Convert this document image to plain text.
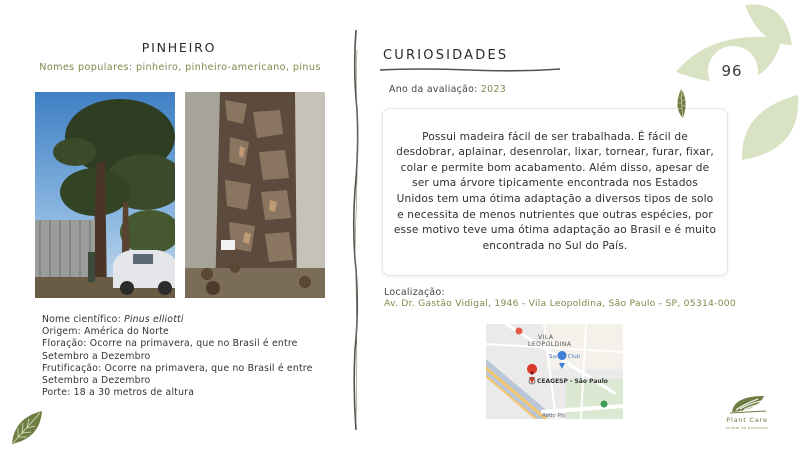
PINHEIRO
Nomes populares: pinheiro, pinheiro-americano, pinus
Nome científico: Pinus elliotti
Origem: América do Norte
Floração: Ocorre na primavera, que no Brasil é entre Setembro a Dezembro
Frutificação: Ocorre na primavera, que no Brasil é entre Setembro a Dezembro
Porte: 18 a 30 metros de altura
CURIOSIDADES
Ano da avaliação: 2023
Possui madeira fácil de ser trabalhada. É fácil de desdobrar, aplainar, desenrolar, lixar, tornear, furar, fixar, colar e permite bom acabamento. Além disso, apesar de ser uma árvore tipicamente encontrada nos Estados Unidos tem uma ótima adaptação a diversos tipos de solo e necessita de menos nutrientes que outras espécies, por esse motivo teve uma ótima adaptação ao Brasil e é muito encontrada no Sul do País.
Localização:
Av. Dr. Gastão Vidigal, 1946 - Vila Leopoldina, São Paulo - SP, 05314-000
VILA LEOPOLDINA
Sam's Club
CEAGESP - São Paulo
Rodo Pio
96
Plant Care
jardim de pinheiros
